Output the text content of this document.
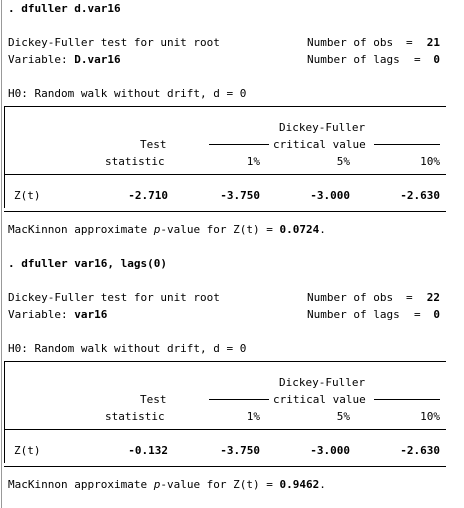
. dfuller d.var16
Dickey-Fuller test for unit root	Number of obs =	21
Variable: D.var16	Number of lags =	0
H0: Random walk without drift, d = 0
Dickey-Fuller
Test	critical value
statistic	1%	5%	10%
Z(t)	-2.710	-3.750	-3.000	-2.630
MacKinnon approximate p-value for Z(t) = 0.0724.
. dfuller var16, lags(0)
Dickey-Fuller test for unit root	Number of obs =	22
Variable: var16	Number of lags =	0
H0: Random walk without drift, d = 0
Dickey-Fuller
Test	critical value
statistic	1%	5%	10%
Z(t)	-0.132	-3.750	-3.000	-2.630
MacKinnon approximate p-value for Z(t) = 0.9462.
